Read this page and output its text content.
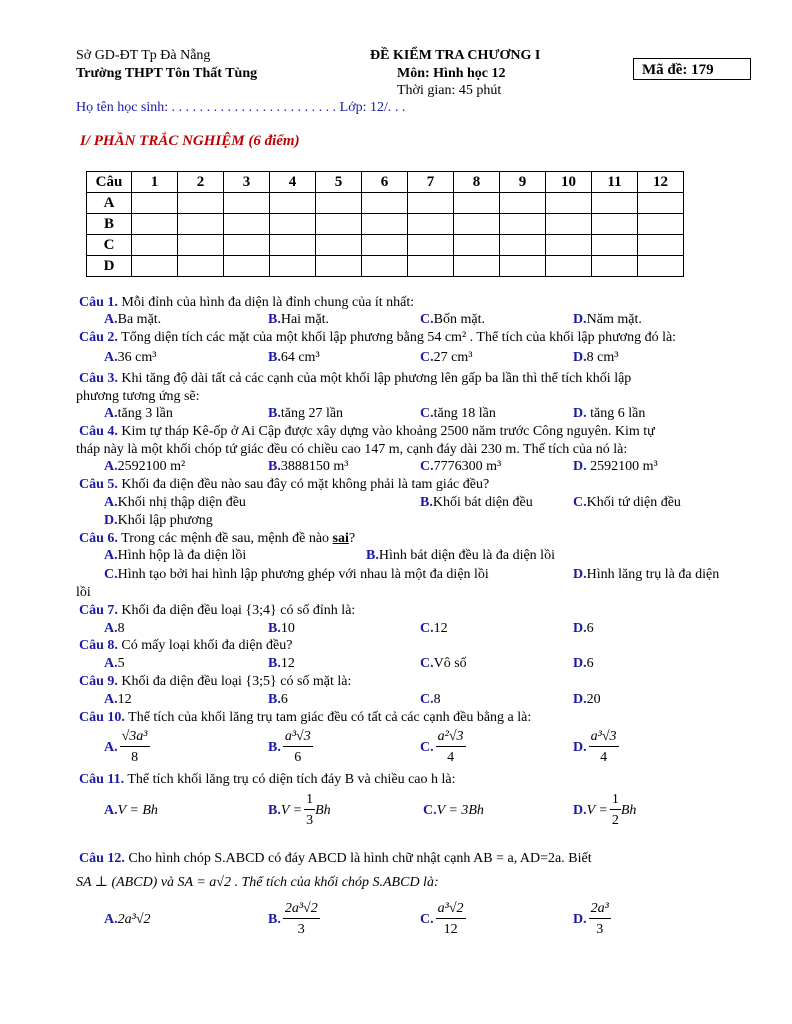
Sở GD-ĐT Tp Đà Nẵng
Trường THPT Tôn Thất Tùng
ĐỀ KIỂM TRA CHƯƠNG I
Môn: Hình học 12
Thời gian: 45 phút
Mã đề: 179
Họ tên học sinh: . . . . . . . . . . . . . . . . . . . . . . . . Lớp: 12/. . .
I/ PHẦN TRẮC NGHIỆM (6 điểm)
Câu	1	2	3	4	5	6	7	8	9	10	11	12
A												
B												
C												
D												
Câu 1. Mỗi đỉnh của hình đa diện là đỉnh chung của ít nhất:
A.Ba mặt.	B.Hai mặt.	C.Bốn mặt.	D.Năm mặt.
Câu 2. Tổng diện tích các mặt của một khối lập phương bằng 54 cm² . Thể tích của khối lập phương đó là:
A.36 cm³	B.64 cm³	C.27 cm³	D.8 cm³
Câu 3. Khi tăng độ dài tất cả các cạnh của một khối lập phương lên gấp ba lần thì thể tích khối lập
phương tương ứng sẽ:
A.tăng 3 lần	B.tăng 27 lần	C.tăng 18 lần	D. tăng 6 lần
Câu 4. Kim tự tháp Kê-ốp ở Ai Cập được xây dựng vào khoảng 2500 năm trước Công nguyên. Kim tự
tháp này là một khối chóp tứ giác đều có chiều cao 147 m, cạnh đáy dài 230 m. Thế tích của nó là:
A.2592100 m²	B.3888150 m³	C.7776300 m³	D. 2592100 m³
Câu 5. Khối đa diện đều nào sau đây có mặt không phải là tam giác đều?
A.Khối nhị thập diện đều	B.Khối bát diện đều	C.Khối tứ diện đều
D.Khối lập phương
Câu 6. Trong các mệnh đề sau, mệnh đề nào sai?
A.Hình hộp là đa diện lồi	B.Hình bát diện đều là đa diện lồi
C.Hình tạo bởi hai hình lập phương ghép với nhau là một đa diện lồi	D.Hình lăng trụ là đa diện
lồi
Câu 7. Khối đa diện đều loại {3;4} có số đỉnh là:
A.8	B.10	C.12	D.6
Câu 8. Có mấy loại khối đa diện đều?
A.5	B.12	C.Vô số	D.6
Câu 9. Khối đa diện đều loại {3;5} có số mặt là:
A.12	B.6	C.8	D.20
Câu 10. Thể tích của khối lăng trụ tam giác đều có tất cả các cạnh đều bằng a là:
A. $\frac{\text{√3a³}}{8}$	B. $\frac{\text{a³√3}}{6}$	C. $\frac{\text{a²√3}}{4}$	D. $\frac{\text{a³√3}}{4}$
Câu 11. Thể tích khối lăng trụ có diện tích đáy B và chiều cao h là:
A.V = Bh	$B.V = \frac{1}{3}$ Bh	C.V = 3Bh	$D.V = \frac{1}{2}$ Bh
Câu 12. Cho hình chóp S.ABCD có đáy ABCD là hình chữ nhật cạnh AB = a, AD=2a. Biết
SA ⊥ (ABCD) và SA = a√2 . Thể tích của khối chóp S.ABCD là:
A.2a³√2	B. $\frac{\text{2a³√2}}{3}$	C. $\frac{\text{a³√2}}{12}$	D. $\frac{\text{2a³}}{3}$
